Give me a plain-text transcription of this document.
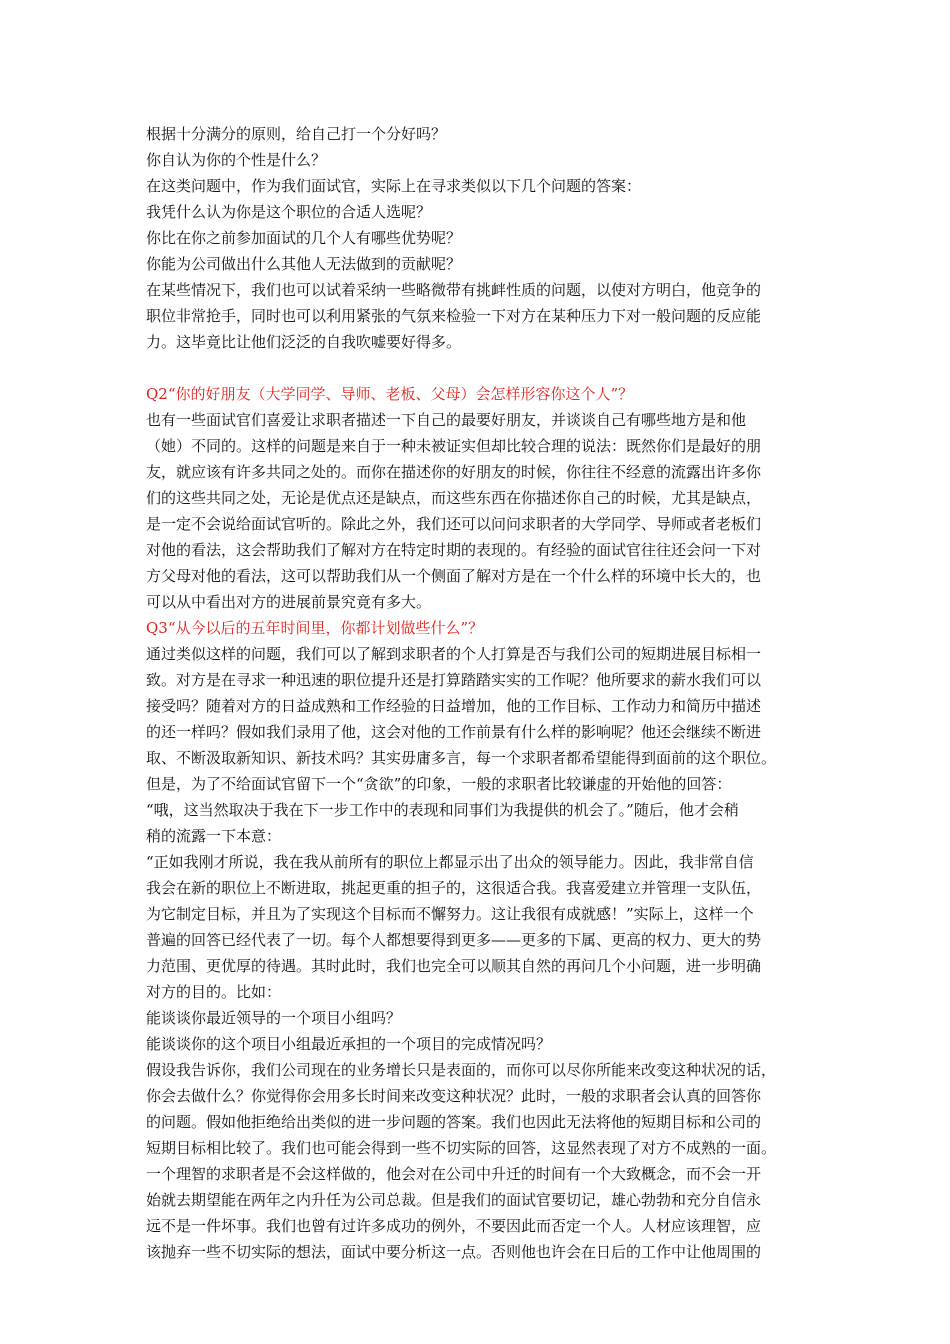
根据十分满分的原则，给自己打一个分好吗？
你自认为你的个性是什么？
在这类问题中，作为我们面试官，实际上在寻求类似以下几个问题的答案：
我凭什么认为你是这个职位的合适人选呢？
你比在你之前参加面试的几个人有哪些优势呢？
你能为公司做出什么其他人无法做到的贡献呢？
在某些情况下，我们也可以试着采纳一些略微带有挑衅性质的问题，以使对方明白，他竞争的
职位非常抢手，同时也可以利用紧张的气氛来检验一下对方在某种压力下对一般问题的反应能
力。这毕竟比让他们泛泛的自我吹嘘要好得多。
Q2“你的好朋友（大学同学、导师、老板、父母）会怎样形容你这个人”？
也有一些面试官们喜爱让求职者描述一下自己的最要好朋友，并谈谈自己有哪些地方是和他
（她）不同的。这样的问题是来自于一种未被证实但却比较合理的说法：既然你们是最好的朋
友，就应该有许多共同之处的。而你在描述你的好朋友的时候，你往往不经意的流露出许多你
们的这些共同之处，无论是优点还是缺点，而这些东西在你描述你自己的时候，尤其是缺点，
是一定不会说给面试官听的。除此之外，我们还可以问问求职者的大学同学、导师或者老板们
对他的看法，这会帮助我们了解对方在特定时期的表现的。有经验的面试官往往还会问一下对
方父母对他的看法，这可以帮助我们从一个侧面了解对方是在一个什么样的环境中长大的，也
可以从中看出对方的进展前景究竟有多大。
Q3“从今以后的五年时间里，你都计划做些什么”？
通过类似这样的问题，我们可以了解到求职者的个人打算是否与我们公司的短期进展目标相一
致。对方是在寻求一种迅速的职位提升还是打算踏踏实实的工作呢？他所要求的薪水我们可以
接受吗？随着对方的日益成熟和工作经验的日益增加，他的工作目标、工作动力和简历中描述
的还一样吗？假如我们录用了他，这会对他的工作前景有什么样的影响呢？他还会继续不断进
取、不断汲取新知识、新技术吗？其实毋庸多言，每一个求职者都希望能得到面前的这个职位。
但是，为了不给面试官留下一个“贪欲”的印象，一般的求职者比较谦虚的开始他的回答：
“哦，这当然取决于我在下一步工作中的表现和同事们为我提供的机会了。”随后，他才会稍
稍的流露一下本意：
“正如我刚才所说，我在我从前所有的职位上都显示出了出众的领导能力。因此，我非常自信
我会在新的职位上不断进取，挑起更重的担子的，这很适合我。我喜爱建立并管理一支队伍，
为它制定目标，并且为了实现这个目标而不懈努力。这让我很有成就感！”实际上，这样一个
普遍的回答已经代表了一切。每个人都想要得到更多——更多的下属、更高的权力、更大的势
力范围、更优厚的待遇。其时此时，我们也完全可以顺其自然的再问几个小问题，进一步明确
对方的目的。比如：
能谈谈你最近领导的一个项目小组吗？
能谈谈你的这个项目小组最近承担的一个项目的完成情况吗？
假设我告诉你，我们公司现在的业务增长只是表面的，而你可以尽你所能来改变这种状况的话，
你会去做什么？你觉得你会用多长时间来改变这种状况？此时，一般的求职者会认真的回答你
的问题。假如他拒绝给出类似的进一步问题的答案。我们也因此无法将他的短期目标和公司的
短期目标相比较了。我们也可能会得到一些不切实际的回答，这显然表现了对方不成熟的一面。
一个理智的求职者是不会这样做的，他会对在公司中升迁的时间有一个大致概念，而不会一开
始就去期望能在两年之内升任为公司总裁。但是我们的面试官要切记，雄心勃勃和充分自信永
远不是一件坏事。我们也曾有过许多成功的例外，不要因此而否定一个人。人材应该理智，应
该抛弃一些不切实际的想法，面试中要分析这一点。否则他也许会在日后的工作中让他周围的
